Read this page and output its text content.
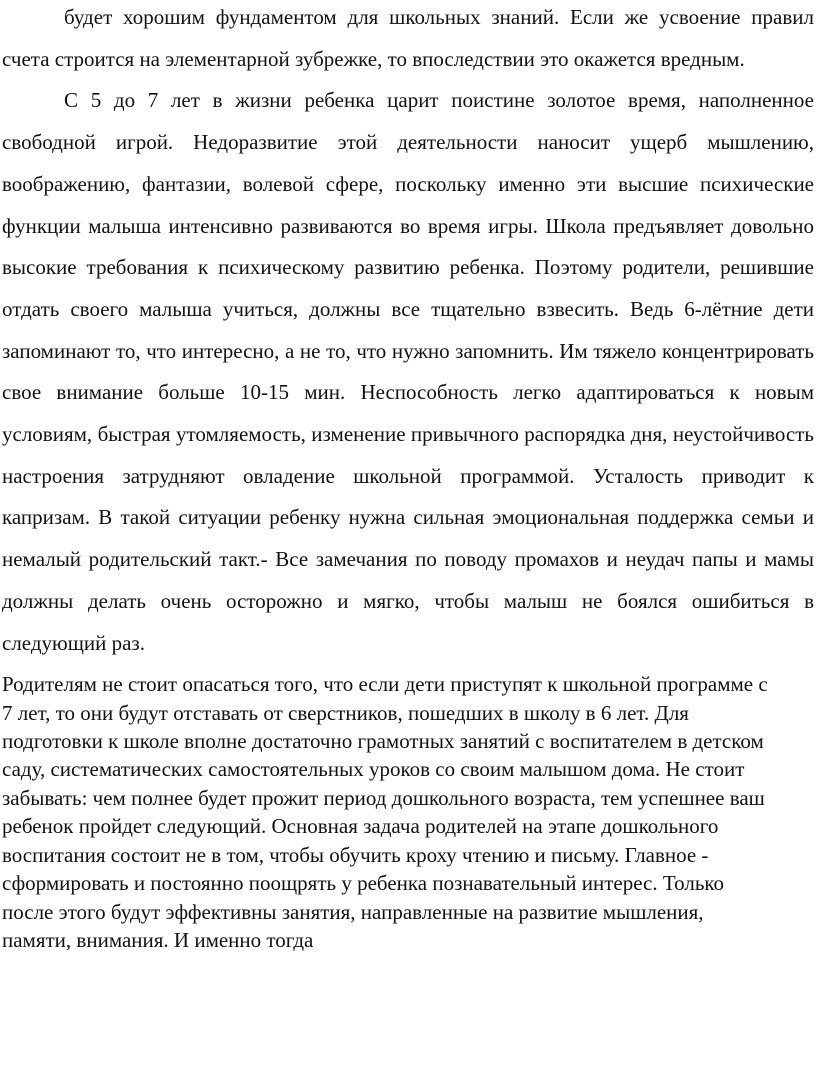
будет хорошим фундаментом для школьных знаний. Если же усвоение правил счета строится на элементарной зубрежке, то впоследствии это окажется вредным.

С 5 до 7 лет в жизни ребенка царит поистине золотое время, наполненное свободной игрой. Недоразвитие этой деятельности наносит ущерб мышлению, воображению, фантазии, волевой сфере, поскольку именно эти высшие психические функции малыша интенсивно развиваются во время игры. Школа предъявляет довольно высокие требования к психическому развитию ребенка. Поэтому родители, решившие отдать своего малыша учиться, должны все тщательно взвесить. Ведь 6-лётние дети запоминают то, что интересно, а не то, что нужно запомнить. Им тяжело концентрировать свое внимание больше 10-15 мин. Неспособность легко адаптироваться к новым условиям, быстрая утомляемость, изменение привычного распорядка дня, неустойчивость настроения затрудняют овладение школьной программой. Усталость приводит к капризам. В такой ситуации ребенку нужна сильная эмоциональная поддержка семьи и немалый родительский такт.- Все замечания по поводу промахов и неудач папы и мамы должны делать очень осторожно и мягко, чтобы малыш не боялся ошибиться в следующий раз.

Родителям не стоит опасаться того, что если дети приступят к школьной программе с 7 лет, то они будут отставать от сверстников, пошедших в школу в 6 лет. Для подготовки к школе вполне достаточно грамотных занятий с воспитателем в детском саду, систематических самостоятельных уроков со своим малышом дома. Не стоит забывать: чем полнее будет прожит период дошкольного возраста, тем успешнее ваш ребенок пройдет следующий. Основная задача родителей на этапе дошкольного воспитания состоит не в том, чтобы обучить кроху чтению и письму. Главное - сформировать и постоянно поощрять у ребенка познавательный интерес. Только после этого будут эффективны занятия, направленные на развитие мышления, памяти, внимания. И именно тогда
